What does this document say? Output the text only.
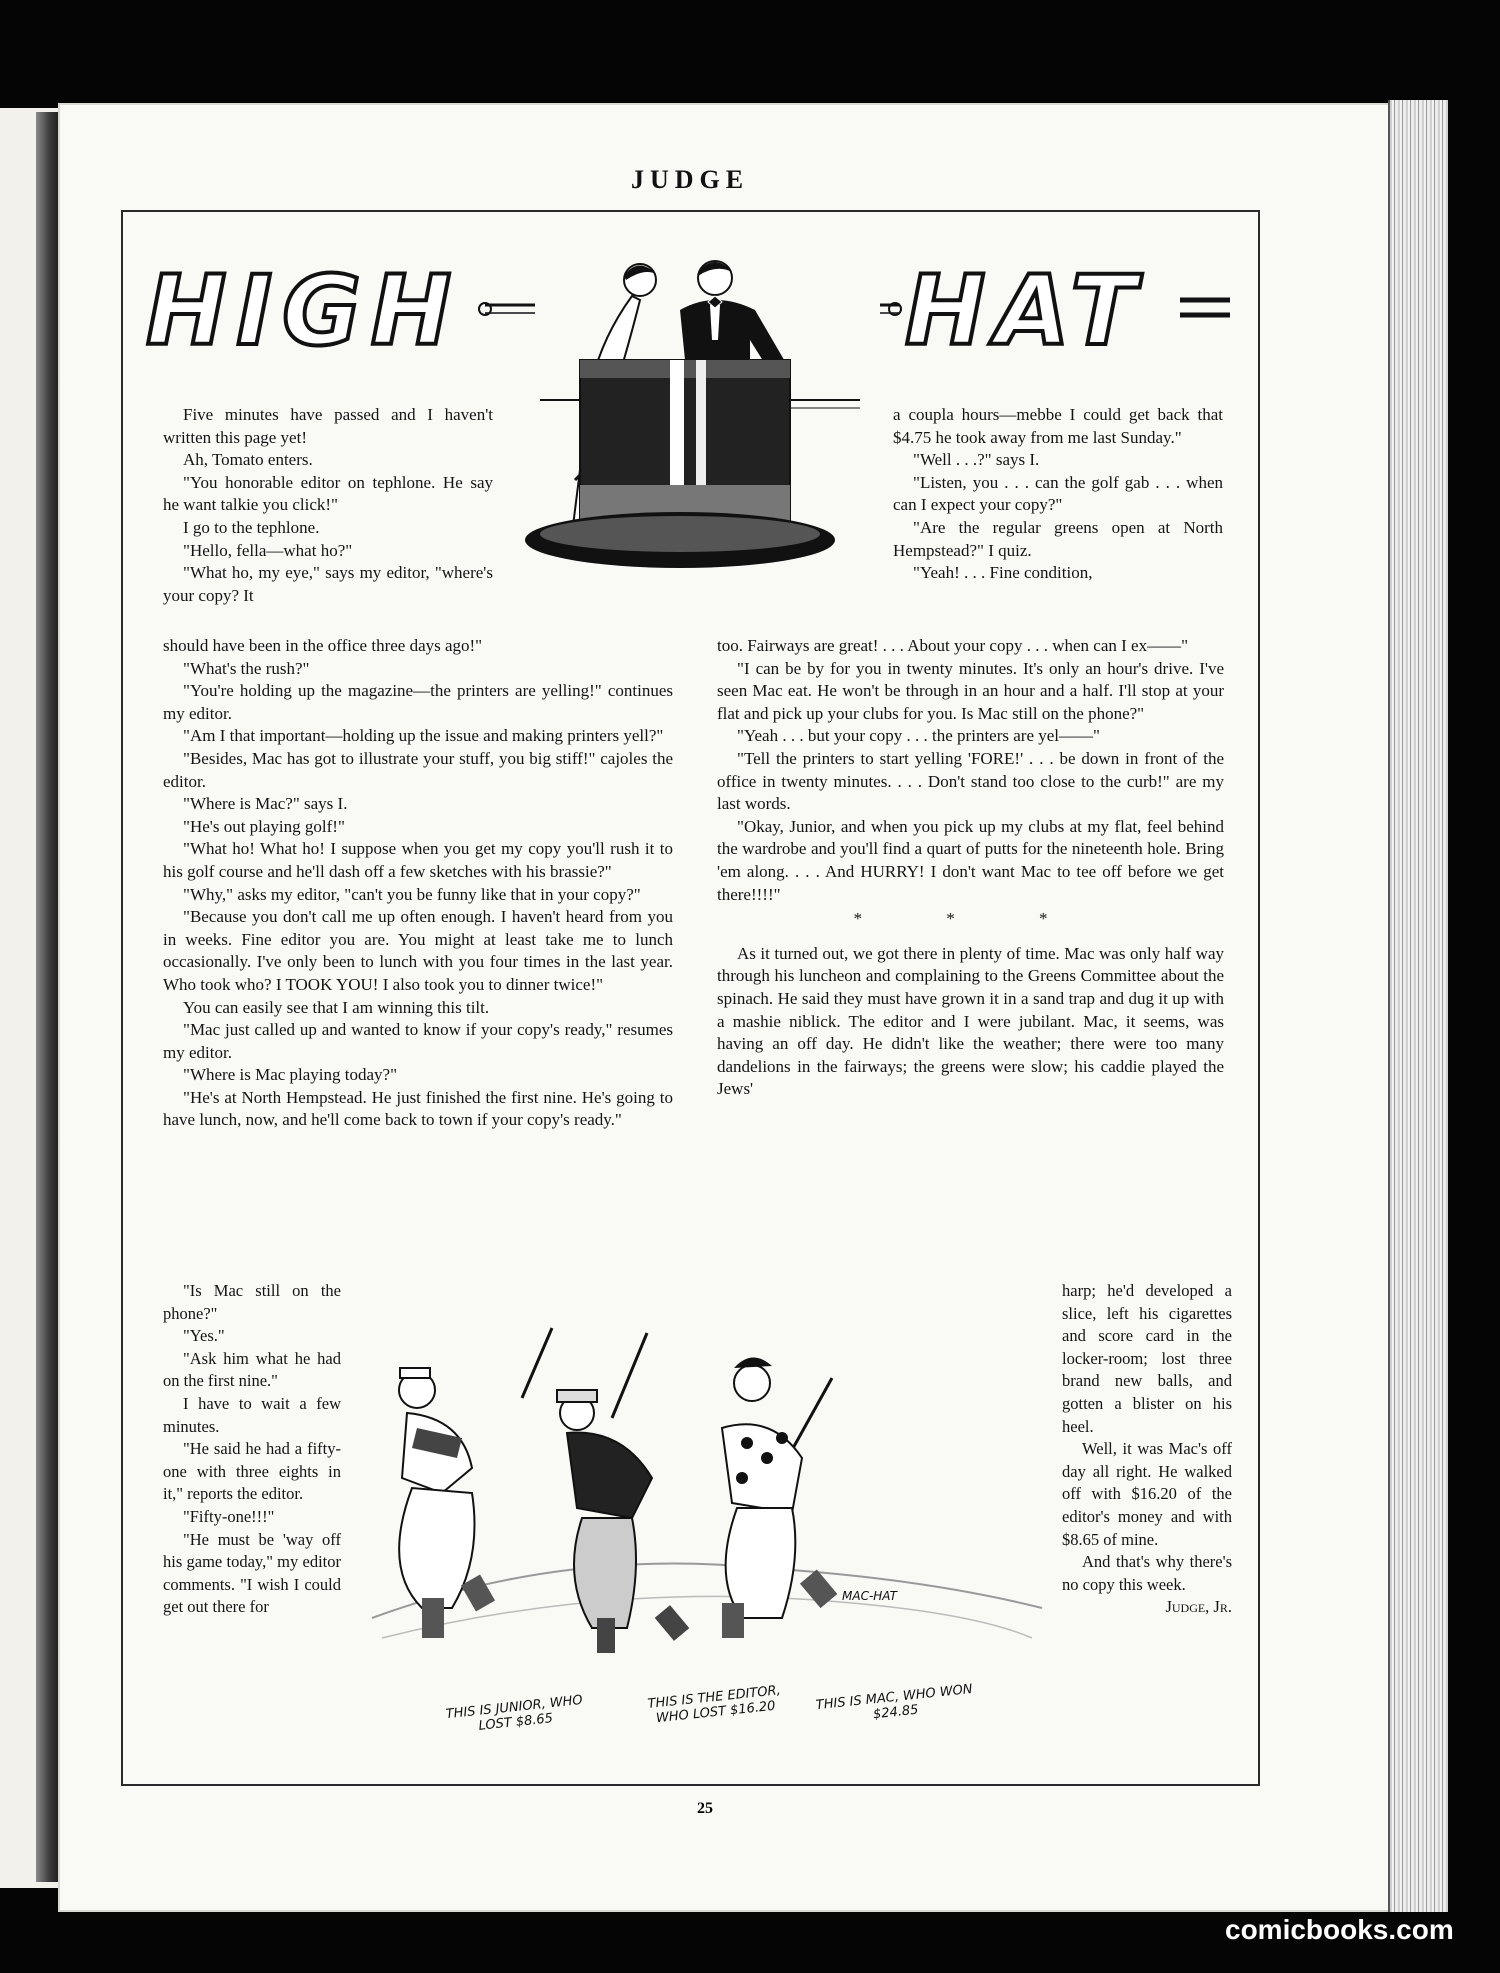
JUDGE
HIGH	HAT

Five minutes have passed and I haven't written this page yet!

Ah, Tomato enters.

"You honorable editor on tephlone. He say he want talkie you click!"

I go to the tephlone.

"Hello, fella—what ho?"

"What ho, my eye," says my editor, "where's your copy? It

should have been in the office three days ago!"

"What's the rush?"

"You're holding up the magazine—the printers are yelling!" continues my editor.

"Am I that important—holding up the issue and making printers yell?"

"Besides, Mac has got to illustrate your stuff, you big stiff!" cajoles the editor.

"Where is Mac?" says I.

"He's out playing golf!"

"What ho! What ho! I suppose when you get my copy you'll rush it to his golf course and he'll dash off a few sketches with his brassie?"

"Why," asks my editor, "can't you be funny like that in your copy?"

"Because you don't call me up often enough. I haven't heard from you in weeks. Fine editor you are. You might at least take me to lunch occasionally. I've only been to lunch with you four times in the last year. Who took who? I TOOK YOU! I also took you to dinner twice!"

You can easily see that I am winning this tilt.

"Mac just called up and wanted to know if your copy's ready," resumes my editor.

"Where is Mac playing today?"

"He's at North Hempstead. He just finished the first nine. He's going to have lunch, now, and he'll come back to town if your copy's ready."

a coupla hours—mebbe I could get back that $4.75 he took away from me last Sunday."

"Well . . .?" says I.

"Listen, you . . . can the golf gab . . . when can I expect your copy?"

"Are the regular greens open at North Hempstead?" I quiz.

"Yeah! . . . Fine condition,

too. Fairways are great! . . . About your copy . . . when can I ex——"

"I can be by for you in twenty minutes. It's only an hour's drive. I've seen Mac eat. He won't be through in an hour and a half. I'll stop at your flat and pick up your clubs for you. Is Mac still on the phone?"

"Yeah . . . but your copy . . . the printers are yel——"

"Tell the printers to start yelling 'FORE!' . . . be down in front of the office in twenty minutes. . . . Don't stand too close to the curb!" are my last words.

"Okay, Junior, and when you pick up my clubs at my flat, feel behind the wardrobe and you'll find a quart of putts for the nineteenth hole. Bring 'em along. . . . And HURRY! I don't want Mac to tee off before we get there!!!!"

* * *

As it turned out, we got there in plenty of time. Mac was only half way through his luncheon and complaining to the Greens Committee about the spinach. He said they must have grown it in a sand trap and dug it up with a mashie niblick. The editor and I were jubilant. Mac, it seems, was having an off day. He didn't like the weather; there were too many dandelions in the fairways; the greens were slow; his caddie played the Jews'

"Is Mac still on the phone?"

"Yes."

"Ask him what he had on the first nine."

I have to wait a few minutes.

"He said he had a fifty-one with three eights in it," reports the editor.

"Fifty-one!!!"

"He must be 'way off his game today," my editor comments. "I wish I could get out there for

harp; he'd developed a slice, left his cigarettes and score card in the locker-room; lost three brand new balls, and gotten a blister on his heel.

Well, it was Mac's off day all right. He walked off with $16.20 of the editor's money and with $8.65 of mine.

And that's why there's no copy this week.

Judge, Jr.

MAC-HAT
THIS IS JUNIOR, WHO LOST $8.65
THIS IS THE EDITOR, WHO LOST $16.20	THIS IS MAC, WHO WON $24.85
25
comicbooks.com
